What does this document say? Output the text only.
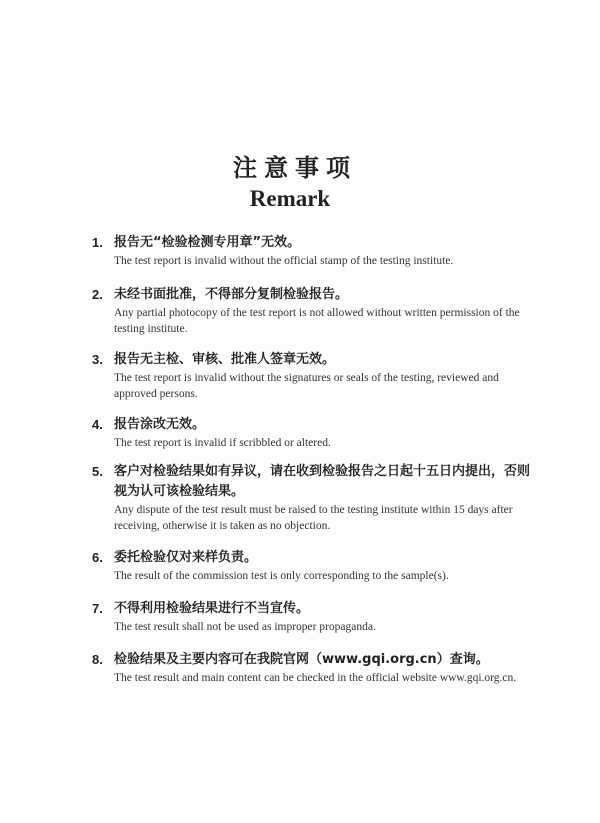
注意事项
Remark
1. 报告无“检验检测专用章”无效。
The test report is invalid without the official stamp of the testing institute.
2. 未经书面批准，不得部分复制检验报告。
Any partial photocopy of the test report is not allowed without written permission of the testing institute.
3. 报告无主检、审核、批准人签章无效。
The test report is invalid without the signatures or seals of the testing, reviewed and approved persons.
4. 报告涂改无效。
The test report is invalid if scribbled or altered.
5. 客户对检验结果如有异议，请在收到检验报告之日起十五日内提出，否则视为认可该检验结果。
Any dispute of the test result must be raised to the testing institute within 15 days after receiving, otherwise it is taken as no objection.
6. 委托检验仅对来样负责。
The result of the commission test is only corresponding to the sample(s).
7. 不得利用检验结果进行不当宣传。
The test result shall not be used as improper propaganda.
8. 检验结果及主要内容可在我院官网（www.gqi.org.cn）查询。
The test result and main content can be checked in the official website www.gqi.org.cn.
